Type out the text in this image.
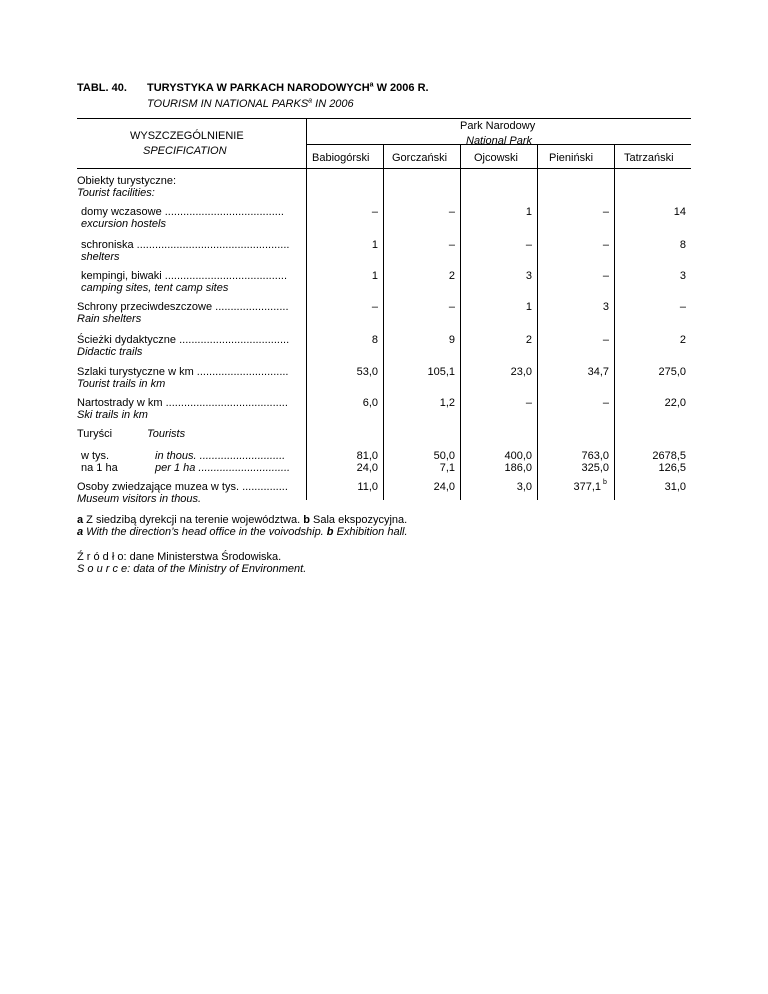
TABL. 40. TURYSTYKA W PARKACH NARODOWYCH$^a$ W 2006 R.
TOURISM IN NATIONAL PARKS$^a$ IN 2006
WYSZCZEGÓLNIENIE
SPECIFICATION
Park Narodowy
National Park
Babiogórski Gorczański Ojcowski	Pieniński	Tatrzański
Obiekty turystyczne:
Tourist facilities:
domy wczasowe .......................................
excursion hostels
–	–	1	–	14
schroniska ..................................................
shelters
1	–	–	–	8
kempingi, biwaki ........................................
camping sites, tent camp sites
1	2	3	–	3
Schrony przeciwdeszczowe ........................
Rain shelters
–	–	1	3	–
Ścieżki dydaktyczne ....................................
Didactic trails
8	9	2	–	2
Szlaki turystyczne w km ..............................
Tourist trails in km
53,0	105,1	23,0	34,7	275,0
Nartostrady w km ........................................
Ski trails in km
6,0	1,2	–	–	22,0
Turyści	Tourists
w tys.	in thous. ............................
na 1 ha	per 1 ha ..............................
81,0	50,0	400,0	763,0	2678,5
24,0	7,1	186,0	325,0	126,5
Osoby zwiedzające muzea w tys. ...............
Museum visitors in thous.
11,0	24,0	3,0	377,1 b	31,0
a Z siedzibą dyrekcji na terenie województwa. b Sala ekspozycyjna.
a With the direction’s head office in the voivodship. b Exhibition hall.
Ź r ó d ł o: dane Ministerstwa Środowiska.
S o u r c e: data of the Ministry of Environment.
